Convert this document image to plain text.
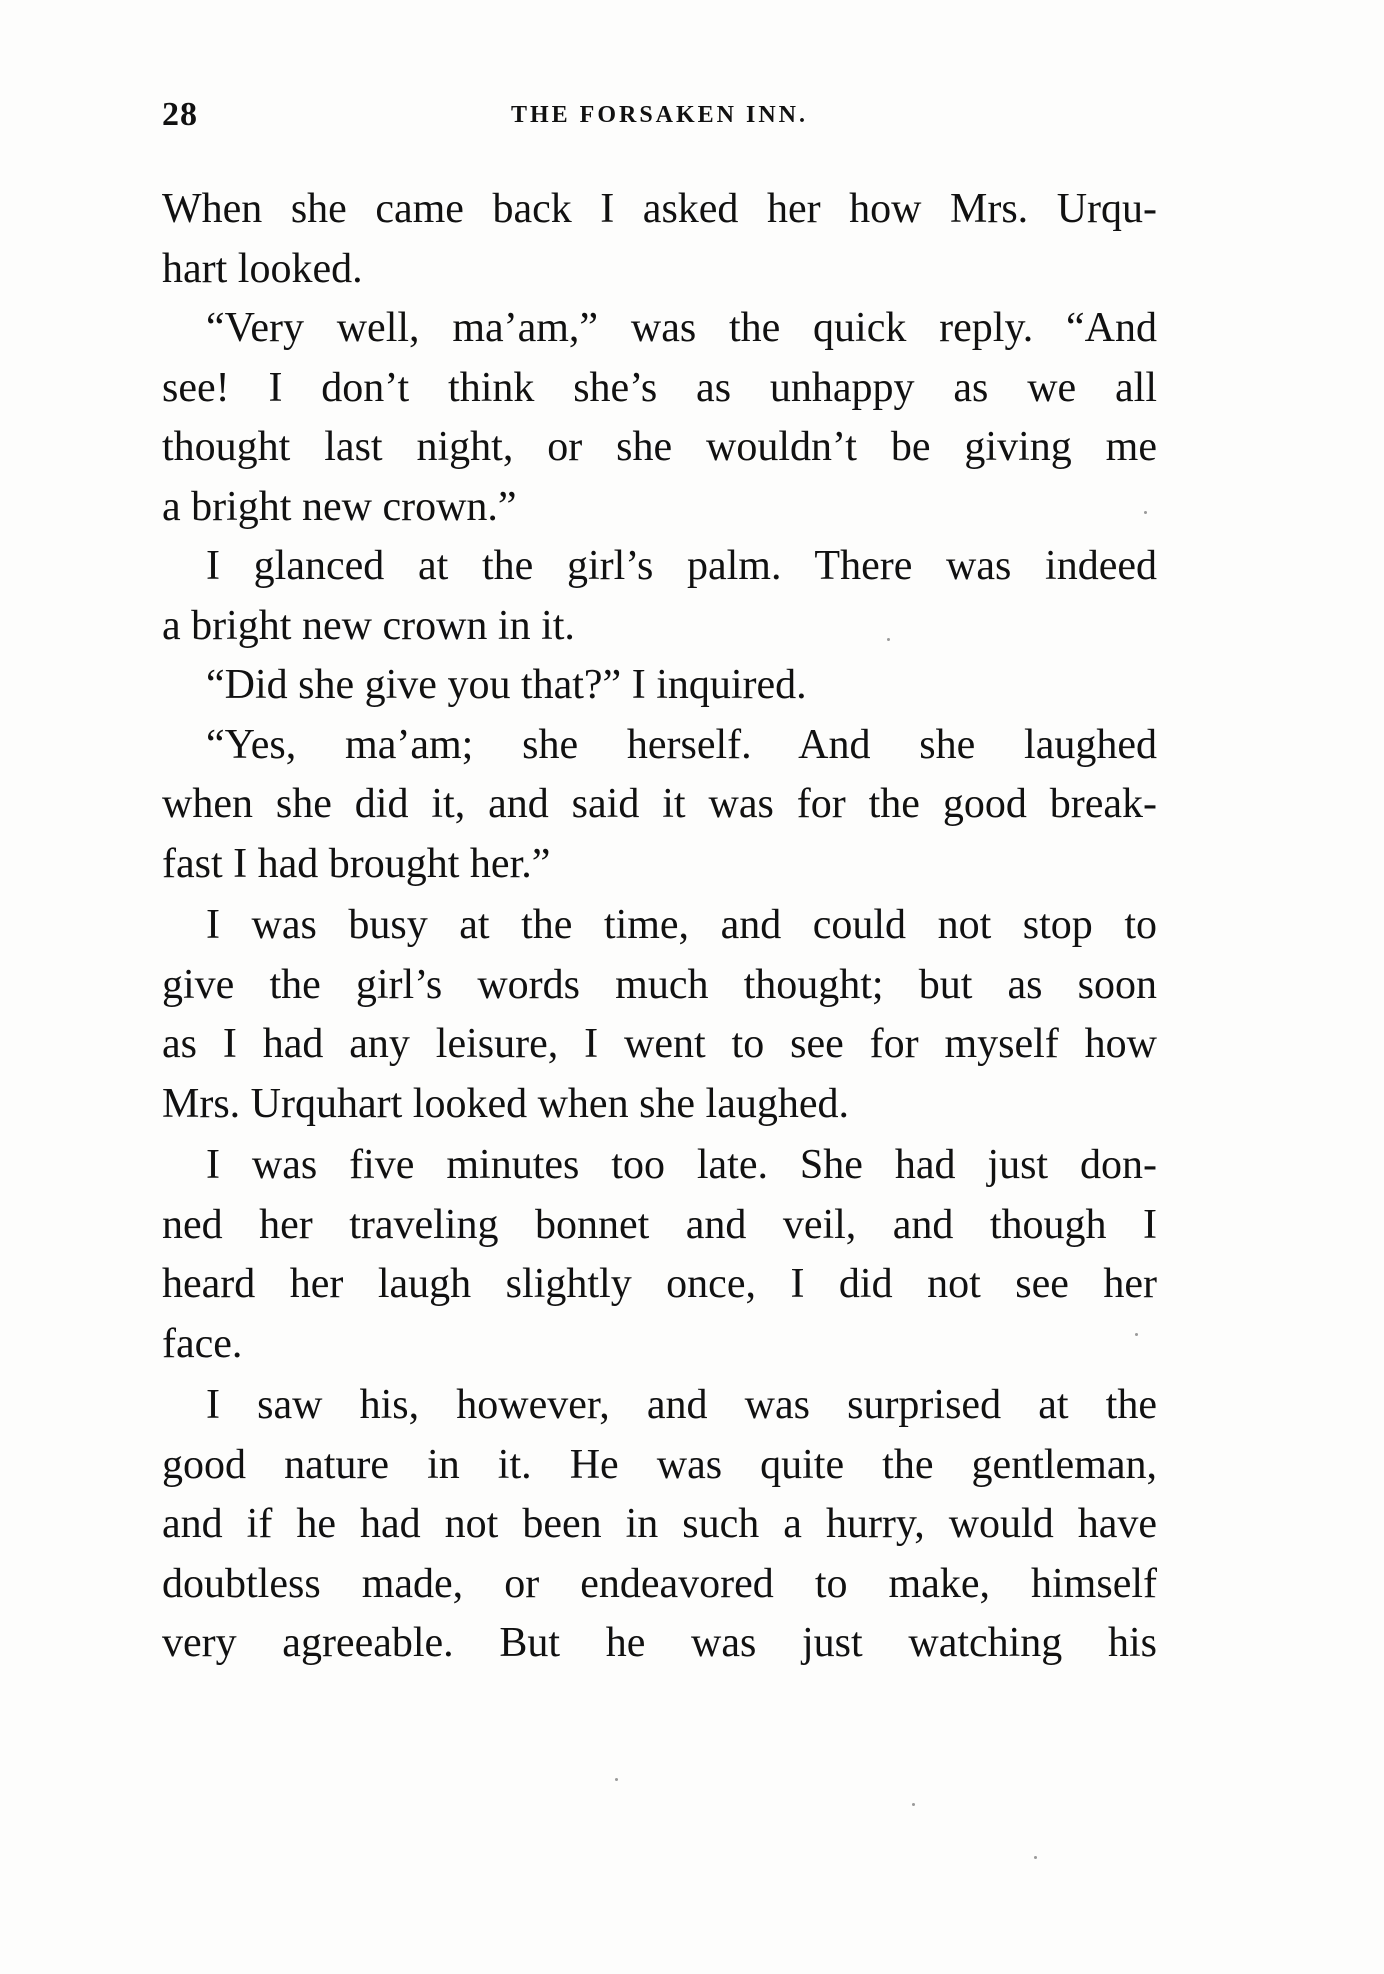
28	THE FORSAKEN INN.
When she came back I asked her how Mrs. Urqu-
hart looked.
“Very well, ma’am,” was the quick reply. “And
see! I don’t think she’s as unhappy as we all
thought last night, or she wouldn’t be giving me
a bright new crown.”
I glanced at the girl’s palm. There was indeed
a bright new crown in it.
“Did she give you that?” I inquired.
“Yes, ma’am; she herself. And she laughed
when she did it, and said it was for the good break-
fast I had brought her.”
I was busy at the time, and could not stop to
give the girl’s words much thought; but as soon
as I had any leisure, I went to see for myself how
Mrs. Urquhart looked when she laughed.
I was five minutes too late. She had just don-
ned her traveling bonnet and veil, and though I
heard her laugh slightly once, I did not see her
face.
I saw his, however, and was surprised at the
good nature in it. He was quite the gentleman,
and if he had not been in such a hurry, would have
doubtless made, or endeavored to make, himself
very agreeable. But he was just watching his
